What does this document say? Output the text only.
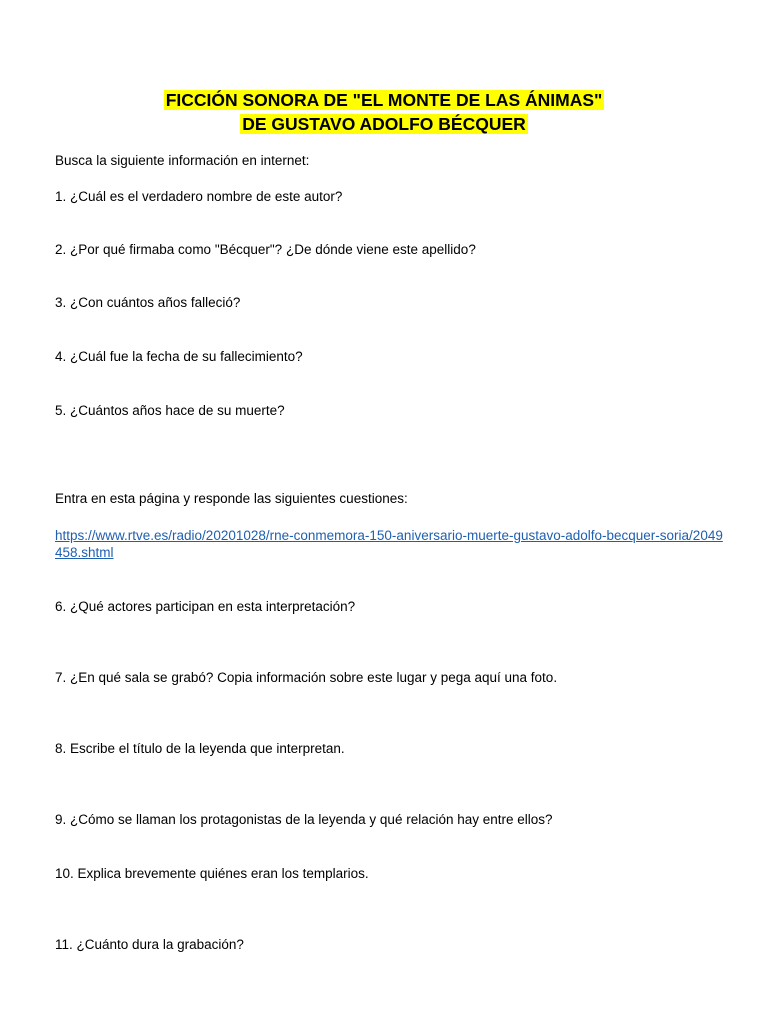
FICCIÓN SONORA DE "EL MONTE DE LAS ÁNIMAS"
DE GUSTAVO ADOLFO BÉCQUER
Busca la siguiente información en internet:
1. ¿Cuál es el verdadero nombre de este autor?
2. ¿Por qué firmaba como "Bécquer"? ¿De dónde viene este apellido?
3. ¿Con cuántos años falleció?
4. ¿Cuál fue la fecha de su fallecimiento?
5. ¿Cuántos años hace de su muerte?
Entra en esta página y responde las siguientes cuestiones:
https://www.rtve.es/radio/20201028/rne-conmemora-150-aniversario-muerte-gustavo-adolfo-becquer-soria/2049458.shtml
6. ¿Qué actores participan en esta interpretación?
7. ¿En qué sala se grabó? Copia información sobre este lugar y pega aquí una foto.
8. Escribe el título de la leyenda que interpretan.
9. ¿Cómo se llaman los protagonistas de la leyenda y qué relación hay entre ellos?
10. Explica brevemente quiénes eran los templarios.
11. ¿Cuánto dura la grabación?
